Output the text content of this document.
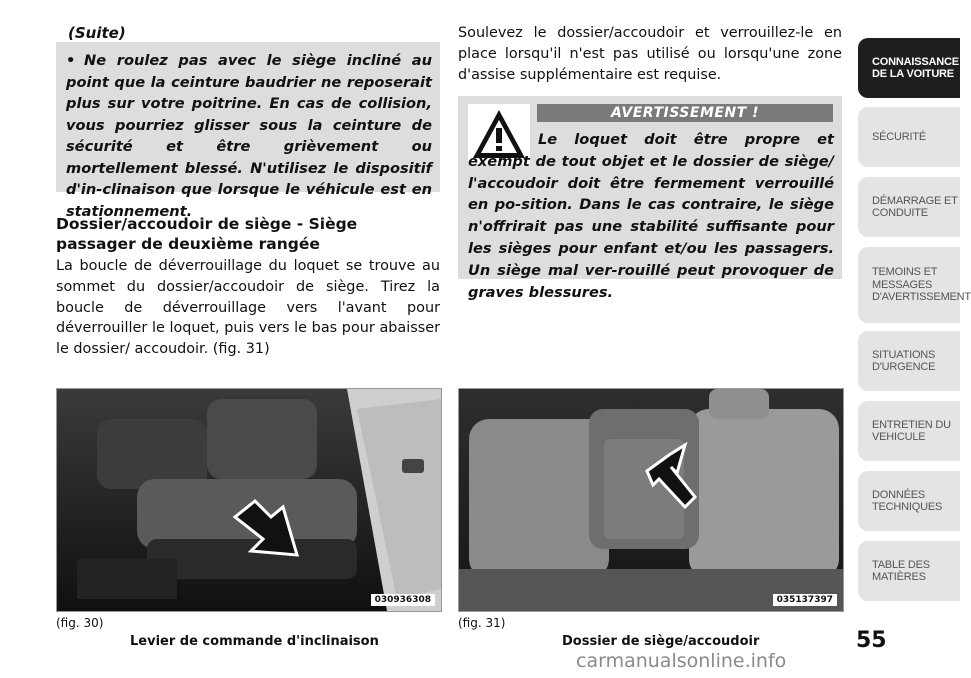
(Suite)
• Ne roulez pas avec le siège incliné au point que la ceinture baudrier ne reposerait plus sur votre poitrine. En cas de collision, vous pourriez glisser sous la ceinture de sécurité et être grièvement ou mortellement blessé. N'utilisez le dispositif d'in-clinaison que lorsque le véhicule est en stationnement.
Dossier/accoudoir de siège - Siège passager de deuxième rangée
La boucle de déverrouillage du loquet se trouve au sommet du dossier/accoudoir de siège. Tirez la boucle de déverrouillage vers l'avant pour déverrouiller le loquet, puis vers le bas pour abaisser le dossier/ accoudoir. (fig. 31)
Soulevez le dossier/accoudoir et verrouillez-le en place lorsqu'il n'est pas utilisé ou lorsqu'une zone d'assise supplémentaire est requise.
AVERTISSEMENT !
Le loquet doit être propre et exempt de tout objet et le dossier de siège/ l'accoudoir doit être fermement verrouillé en po-sition. Dans le cas contraire, le siège n'offrirait pas une stabilité suffisante pour les sièges pour enfant et/ou les passagers. Un siège mal ver-rouillé peut provoquer de graves blessures.
030936308
(fig. 30)
Levier de commande d'inclinaison
035137397
(fig. 31)
Dossier de siège/accoudoir
CONNAISSANCE DE LA VOITURE
SÉCURITÉ
DÉMARRAGE ET CONDUITE
TEMOINS ET MESSAGES D'AVERTISSEMENT
SITUATIONS D'URGENCE
ENTRETIEN DU VEHICULE
DONNÉES TECHNIQUES
TABLE DES MATIÈRES
55
carmanualsonline.info
